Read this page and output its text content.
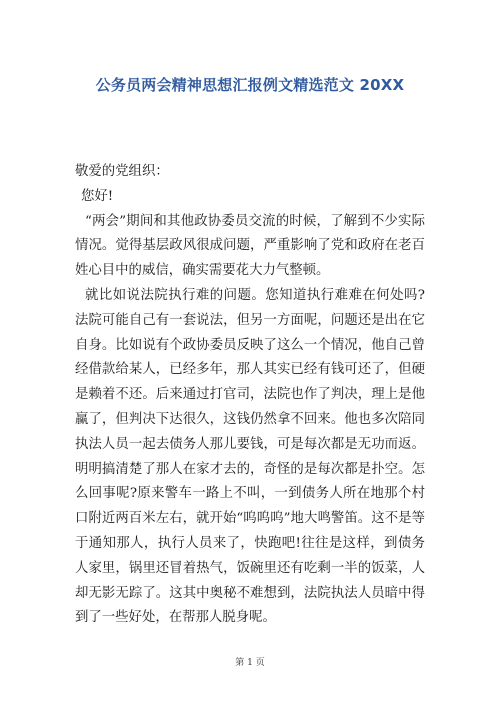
公务员两会精神思想汇报例文精选范文 20XX

敬爱的党组织：

您好!

“两会”期间和其他政协委员交流的时候，了解到不少实际情况。觉得基层政风很成问题，严重影响了党和政府在老百姓心目中的威信，确实需要花大力气整顿。

就比如说法院执行难的问题。您知道执行难难在何处吗?法院可能自己有一套说法，但另一方面呢，问题还是出在它自身。比如说有个政协委员反映了这么一个情况，他自己曾经借款给某人，已经多年，那人其实已经有钱可还了，但硬是赖着不还。后来通过打官司，法院也作了判决，理上是他赢了，但判决下达很久，这钱仍然拿不回来。他也多次陪同执法人员一起去债务人那儿要钱，可是每次都是无功而返。明明搞清楚了那人在家才去的，奇怪的是每次都是扑空。怎么回事呢?原来警车一路上不叫，一到债务人所在地那个村口附近两百米左右，就开始“呜呜呜”地大鸣警笛。这不是等于通知那人，执行人员来了，快跑吧!往往是这样，到债务人家里，锅里还冒着热气，饭碗里还有吃剩一半的饭菜，人却无影无踪了。这其中奥秘不难想到，法院执法人员暗中得到了一些好处，在帮那人脱身呢。

第 1 页
